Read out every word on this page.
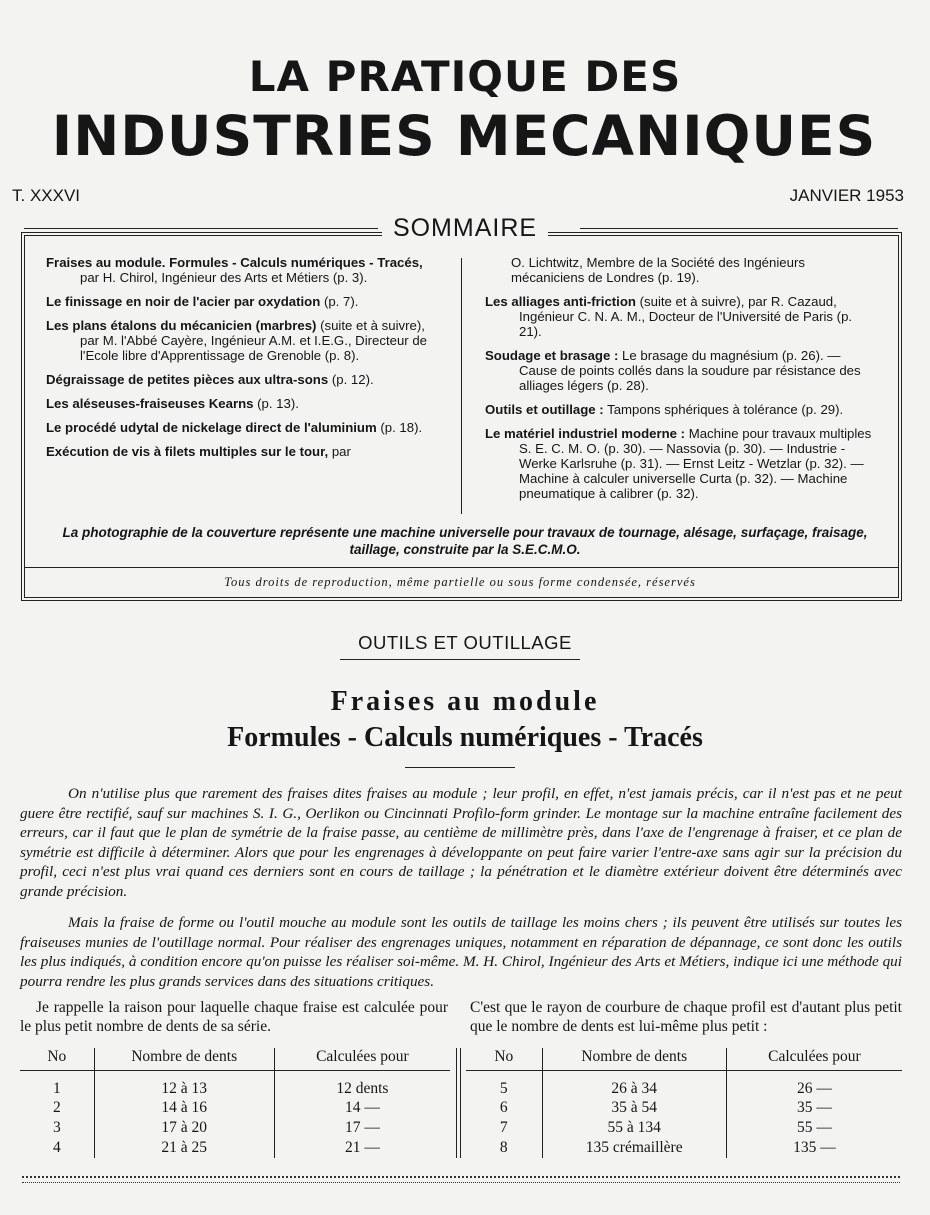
LA PRATIQUE DES
INDUSTRIES MECANIQUES
T. XXXVI	JANVIER 1953
SOMMAIRE
Fraises au module. Formules - Calculs numériques - Tracés, par H. Chirol, Ingénieur des Arts et Métiers (p. 3).
Le finissage en noir de l'acier par oxydation (p. 7).
Les plans étalons du mécanicien (marbres) (suite et à suivre), par M. l'Abbé Cayère, Ingénieur A.M. et I.E.G., Directeur de l'Ecole libre d'Apprentissage de Grenoble (p. 8).
Dégraissage de petites pièces aux ultra-sons (p. 12).
Les aléseuses-fraiseuses Kearns (p. 13).
Le procédé udytal de nickelage direct de l'aluminium (p. 18).
Exécution de vis à filets multiples sur le tour, par
O. Lichtwitz, Membre de la Société des Ingénieurs mécaniciens de Londres (p. 19).
Les alliages anti-friction (suite et à suivre), par R. Cazaud, Ingénieur C. N. A. M., Docteur de l'Université de Paris (p. 21).
Soudage et brasage : Le brasage du magnésium (p. 26). — Cause de points collés dans la soudure par résistance des alliages légers (p. 28).
Outils et outillage : Tampons sphériques à tolérance (p. 29).
Le matériel industriel moderne : Machine pour travaux multiples S. E. C. M. O. (p. 30). — Nassovia (p. 30). — Industrie - Werke Karlsruhe (p. 31). — Ernst Leitz - Wetzlar (p. 32). — Machine à calculer universelle Curta (p. 32). — Machine pneumatique à calibrer (p. 32).
La photographie de la couverture représente une machine universelle pour travaux de tournage, alésage, surfaçage, fraisage, taillage, construite par la S.E.C.M.O.
Tous droits de reproduction, même partielle ou sous forme condensée, réservés
OUTILS ET OUTILLAGE
Fraises au module
Formules - Calculs numériques - Tracés

On n'utilise plus que rarement des fraises dites fraises au module ; leur profil, en effet, n'est jamais précis, car il n'est pas et ne peut guere être rectifié, sauf sur machines S. I. G., Oerlikon ou Cincinnati Profilo-form grinder. Le montage sur la machine entraîne facilement des erreurs, car il faut que le plan de symétrie de la fraise passe, au centième de millimètre près, dans l'axe de l'engrenage à fraiser, et ce plan de symétrie est difficile à déterminer. Alors que pour les engrenages à développante on peut faire varier l'entre-axe sans agir sur la précision du profil, ceci n'est plus vrai quand ces derniers sont en cours de taillage ; la pénétration et le diamètre extérieur doivent être déterminés avec grande précision.

Mais la fraise de forme ou l'outil mouche au module sont les outils de taillage les moins chers ; ils peuvent être utilisés sur toutes les fraiseuses munies de l'outillage normal. Pour réaliser des engrenages uniques, notamment en réparation de dépannage, ce sont donc les outils les plus indiqués, à condition encore qu'on puisse les réaliser soi-même. M. H. Chirol, Ingénieur des Arts et Métiers, indique ici une méthode qui pourra rendre les plus grands services dans des situations critiques.

Je rappelle la raison pour laquelle chaque fraise est calculée pour le plus petit nombre de dents de sa série.
C'est que le rayon de courbure de chaque profil est d'autant plus petit que le nombre de dents est lui-même plus petit :
No	Nombre de dents	Calculées pour
1	12 à 13	12 dents
2	14 à 16	14 —
3	17 à 20	17 —
4	21 à 25	21 —
No	Nombre de dents	Calculées pour
5	26 à 34	26 —
6	35 à 54	35 —
7	55 à 134	55 —
8	135 crémaillère	135 —
